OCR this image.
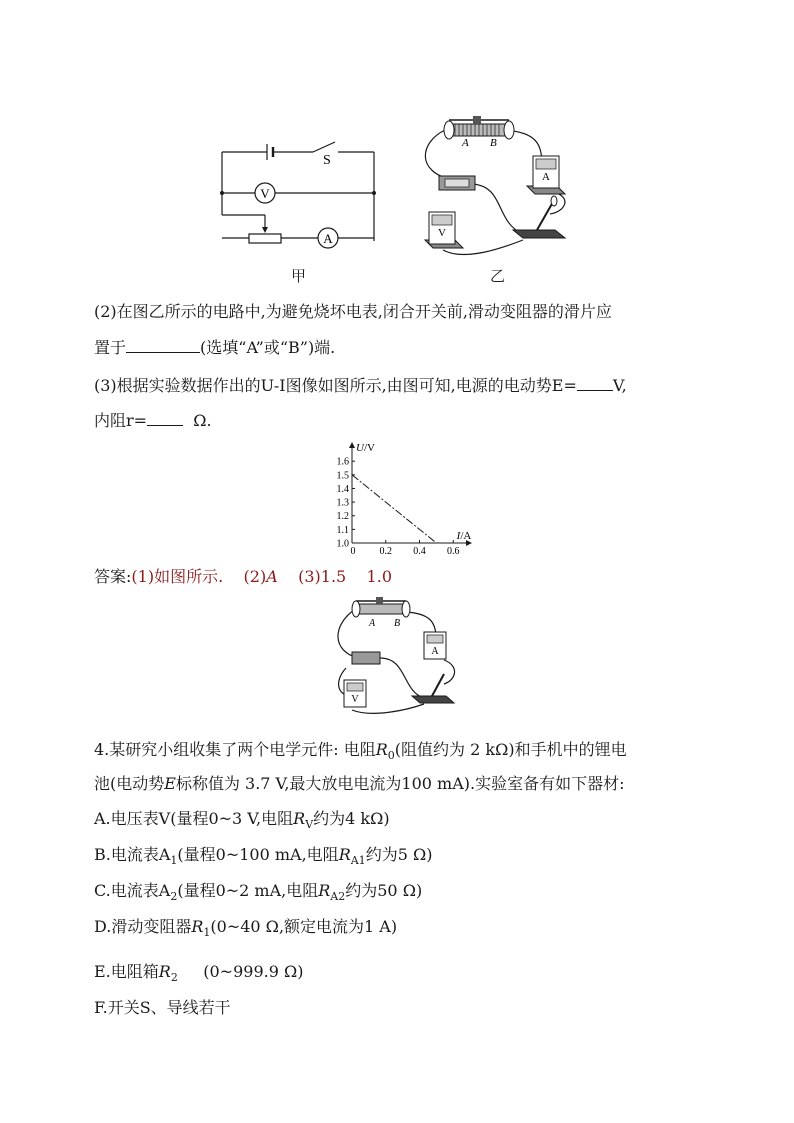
V
A
S
甲
A B
A
V
乙
(2)在图乙所示的电路中,为避免烧坏电表,闭合开关前,滑动变阻器的滑片应
置于	(选填“A”或“B”)端.
(3)根据实验数据作出的U-I图像如图所示,由图可知,电源的电动势E= V,
内阻r=	Ω.
1.0
1.1
1.2
1.3
1.4
1.5
1.6
0 0.2 0.4 0.6
U/V
I/A
答案:(1)如图所示. (2)A (3)1.5 1.0
A B
A
V
4.某研究小组收集了两个电学元件: 电阻$R_0$(阻值约为 2 kΩ)和手机中的锂电
池(电动势E标称值为 3.7 V,最大放电电流为100 mA).实验室备有如下器材:
A.电压表V(量程0~3 V,电阻$R_V$约为4 kΩ)
B.电流表$A_1$(量程0~100 mA,电阻$R_{A1}$约为5 Ω)
C.电流表$A_2$(量程0~2 mA,电阻$R_{A2}$约为50 Ω)
D.滑动变阻器$R_1(0\sim 40$ Ω,额定电流为1 A)
E.电阻箱$R_2$     (0~999.9 Ω)
F.开关S、导线若干
